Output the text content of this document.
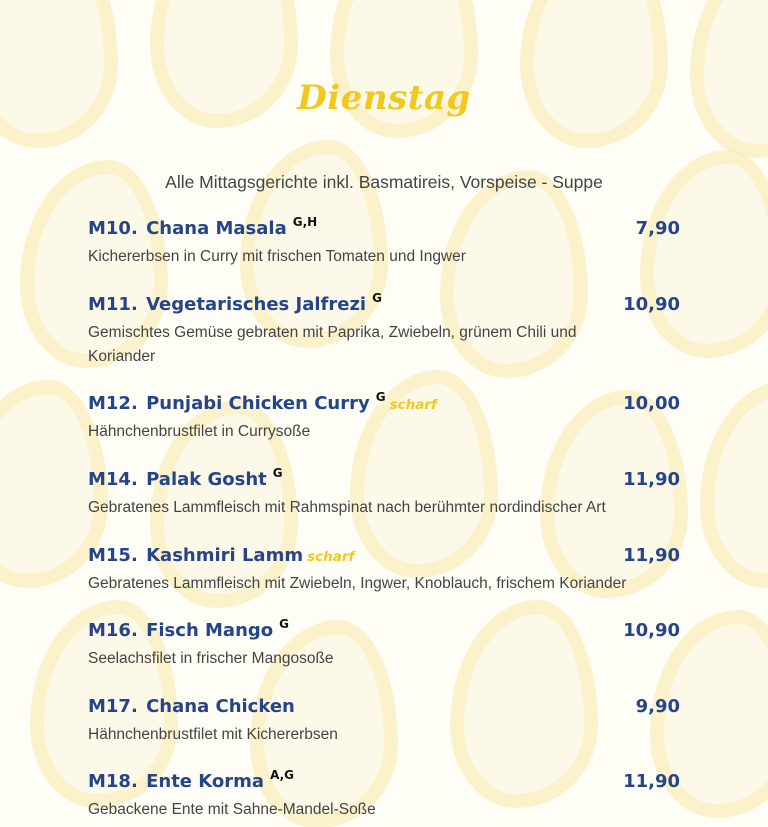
Dienstag

Alle Mittagsgerichte inkl. Basmatireis, Vorspeise - Suppe

M10. Chana Masala $^{G,H}$	7,90
Kichererbsen in Curry mit frischen Tomaten und Ingwer
M11. Vegetarisches Jalfrezi $^G$	10,90
Gemischtes Gemüse gebraten mit Paprika, Zwiebeln, grünem Chili und Koriander
M12. Punjabi Chicken Curry $^G$ scharf	10,00
Hähnchenbrustfilet in Currysoße
M14. Palak Gosht $^G$	11,90
Gebratenes Lammfleisch mit Rahmspinat nach berühmter nordindischer Art
M15. Kashmiri Lamm scharf	11,90
Gebratenes Lammfleisch mit Zwiebeln, Ingwer, Knoblauch, frischem Koriander
M16. Fisch Mango $^G$	10,90
Seelachsfilet in frischer Mangosoße
M17. Chana Chicken	9,90
Hähnchenbrustfilet mit Kichererbsen
M18. Ente Korma $^{A,G}$	11,90
Gebackene Ente mit Sahne-Mandel-Soße
